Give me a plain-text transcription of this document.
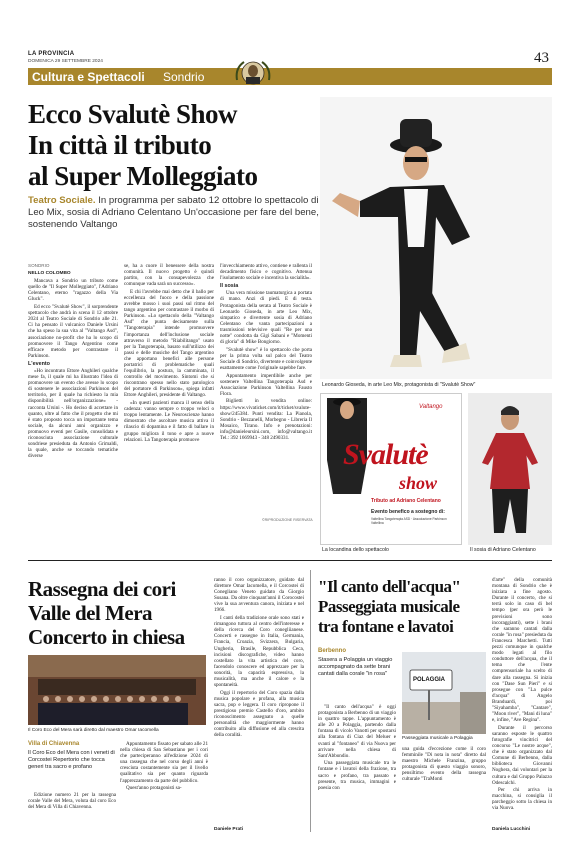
LA PROVINCIA
DOMENICA 29 SETTEMBRE 2024	43
Cultura e Spettacoli Sondrio
Ecco Svalutè Show
In città il tributo
al Super Molleggiato
Teatro Sociale. In programma per sabato 12 ottobre lo spettacolo di Leo Mix, sosia di Adriano Celentano Un'occasione per fare del bene, sostenendo Valtango

SONDRIO

NELLO COLOMBO

Mancava a Sondrio un tributo come quello de "Il Super Molleggiato", l'Adriano Celentano, eterno "ragazzo della Via Gluck".

Ed ecco "Svalutè Show", il sorprendente spettacolo che andrà in scena il 12 ottobre 2024 al Teatro Sociale di Sondrio alle 21. Ci ha pensato il vulcanico Daniele Ursini che ha speso la sua vita al "Valtango Asd", associazione no-profit che ha lo scopo di promuovere il Tango Argentino come efficace metodo per contrastare il Parkinson.

L'evento

«Ho incontrato Ettore Anghileri qualche mese fa, il quale mi ha illustrato l'idea di promuovere un evento che avesse lo scopo di sostenere le associazioni Parkinson del territorio, per il quale ha richiesto la mia disponibilità nell'organizzazione» - racconta Ursini -. Ho deciso di accettare in quanto, oltre al fatto che il progetto che mi è stato proposto tocca un importante tema sociale, da alcuni anni organizzo e promuovo eventi per Gasile, consolidata e riconosciuta associazione culturale sondriese presieduta da Antonio Grimaldi, la quale, anche se toccando tematiche diverse

se, ha a cuore il benessere della nostra comunità. Il nuovo progetto è quindi partito, con la consapevolezza che comunque vada sarà un successo».

E chi l'avrebbe mai detto che il ballo per eccellenza del fuoco e della passione avrebbe mosso i suoi passi sul ritmo del tango argentino per contrastare il morbo di Parkinson. «Lo spettacolo della "Valtango Asd" che punta decisamente sulla "Tangoterapia" intende promuovere l'importanza dell'inclusione sociale attraverso il metodo "Riabilitango" usato per la Tangoterapia, basato sull'utilizzo dei passi e delle musiche del Tango argentino che apportano benefici alle persone portatrici di problematiche quali l'equilibrio, la postura, la camminata, il controllo del movimento. Sintomi che si riscontrano spesso nello stato patologico del portatore di Parkinson», spiega infatti Ettore Anghileri, presidente di Valtango.

«In questi pazienti manca il senso della cadenza: vanno sempre o troppo veloci o troppo lentamente. Le Neuroscienze hanno dimostrato che ascoltare musica attiva il rilascio di dopamina e il fatto di ballare in gruppo migliora il tono e apre a nuove relazioni. La Tangoterapia promuove

l'invecchiamento attivo, contiene e rallenta il decadimento fisico e cognitivo. Attenua l'isolamento sociale e incentiva la socialità».

Il sosia

Una vera missione taumaturgica a portata di mano. Anzi di piedi. E di testa. Protagonista della serata al Teatro Sociale è Leonardo Gioseda, in arte Leo Mix, simpatico e divertente sosia di Adriano Celentano che vanta partecipazioni a trasmissioni televisive quali "Re per una notte" condotta da Gigi Sabani e "Momenti di gloria" di Mike Bongiorno.

"Svalutè show" è lo spettacolo che porta per la prima volta sul palco del Teatro Sociale di Sondrio, divertente e coinvolgente esattamente come l'originale sapebbe fare.

Appuntamento imperdibile anche per sostenere Valtellina Tangoterapia Asd e Associazione Parkinson Valtellina Fausto Flora.

Biglietti in vendita online: https://www.vivaticket.com/it/ticket/svalute-show/245384. Punti vendita: La Pianola, Sondrio - Bezzanelli, Morbegno - Libreria Il Mosaico, Tirano. Info e prenotazioni: info@danieleursini.com, info@valtango.it Tel.: 392 1669943 - 348 2490331.

©RIPRODUZIONE RISERVATA
Leonardo Gioseda, in arte Leo Mix, protagonista di "Svalutè Show"
Svalutè
show
Valtango
Tributo ad Adriano Celentano
Evento benefico a sostegno di:
Valtellina Tangoterapia ASD · Associazione Parkinson Valtellina
La locandina dello spettacolo	Il sosia di Adriano Celentano
Rassegna dei cori
Valle del Mera
Concerto in chiesa
Il Coro Eco del Mera sarà diretto dal maestro Omar Iacomella
Villa di Chiavenna
Il Coro Eco del Mera con i veneti di Corcostei Repertorio che tocca generi tra sacro e profano

Edizione numero 21 per la rassegna corale Valle del Mera, voluta dal coro Eco del Mera di Villa di Chiavenna.

Appuntamento fissato per sabato alle 21 nella chiesa di San Sebastiano per i cori che parteciperanno all'edizione 2024 di una rassegna che nel corso degli anni è cresciuta costantemente sia per il livello qualitativo sia per quanto riguarda l'apprezzamento da parte del pubblico.

Quest'anno protagonisti sa-

ranno il coro organizzatore, guidato dal direttore Omar Iacomella, e il Corcostei di Conegliano Veneto guidato da Giorgio Susana. Da oltre cinquant'anni il Corocostei vive la sua avventura canora, iniziata e nel 1966.

I canti della tradizione orale sono stati e rimangono tuttora al centro dell'interesse e della ricerca del Coro conegliianese. Concerti e rassegne in Italia, Germania, Francia, Croazia, Svizzera, Bulgaria, Ungheria, Brasile, Repubblica Ceca, incisioni discografiche, video hanno costellato la vita artistica del coro, facendolo conoscere ed apprezzare per la sonorità, la capacità espressiva, la musicalità, ma anche il calore e la spontaneità.

Oggi il repertorio del Coro spazia dalla musica popolare e profana, alla musica sacra, pop e leggera. Il coro ripropone il prestigioso premio Castello d'oro, ambito riconoscimento assegnato a quelle personalità che maggiormente hanno contribuito alla diffusione ed alla crescita della coralità.

Daniele Prati
"Il canto dell'acqua"
Passeggiata musicale
tra fontane e lavatoi
Berbenno
Stasera a Polaggia un viaggio accompagnato da sette brani cantati dalla corale "in rosa"

"Il canto dell'acqua" è oggi protagonista a Berbenno di un viaggio in quattro tappe. L'appuntamento è alle 20 a Polaggia, partendo dalla fontana di vicolo Vanotti per spostarsi alla fontana di Ciaz del Meluer e svanti al "fontaneo" di via Nuova per arrivare nella chiesa di Sant'Abbondio.

Una passeggiata musicale tra le fontane e i lavatoi della frazione, tra sacro e profano, tra passato e presente, tra musica, immagini e poesia con

POLAGGIA
Passeggiata musicale a Polaggia

una guida d'eccezione come il coro femminile "Di nota in nota" diretto dal maestro Michele Franzina, gruppo protagonista di questo viaggio sonoro, pensiltimo evento della rassegna culturale "TraMonti

d'arte" della comunità montana di Sondrio che è iniziata a fine agosto. Durante il concerto, che si terrà solo in caso di bel tempo (per ora però le previsioni sono incoraggianti), sette i brani che saranno cantati dalla corale "in rosa" presieduta da Francesca Marchetti. Tutti pezzi comunque in qualche modo legati al filo conduttore dell'acqua, che il tema che l'ente comprensoriale ha scelto di dare alla rassegna. Si inizia con "Dase Sun Pieri" e si prosegue con "La pulce d'acqua" di Angelo Branduardi, poi "Siyahamba", "Cantare", "Moon river", "Mani di luna" e, infine, "Ave Regina".

Durante il percorso saranno esposte le quattro fotografie vincitrici del concorso "Le nostre acque", che è stato organizzato dal Comune di Berbenno, dalla biblioteca Giovanni Noghera, dai volontari per la cultura e dal Gruppo Palazzo Odescalchi.

Per chi arriva in macchina, si consiglia il parcheggio sotto la chiesa in via Nuova.

Daniela Lucchini
